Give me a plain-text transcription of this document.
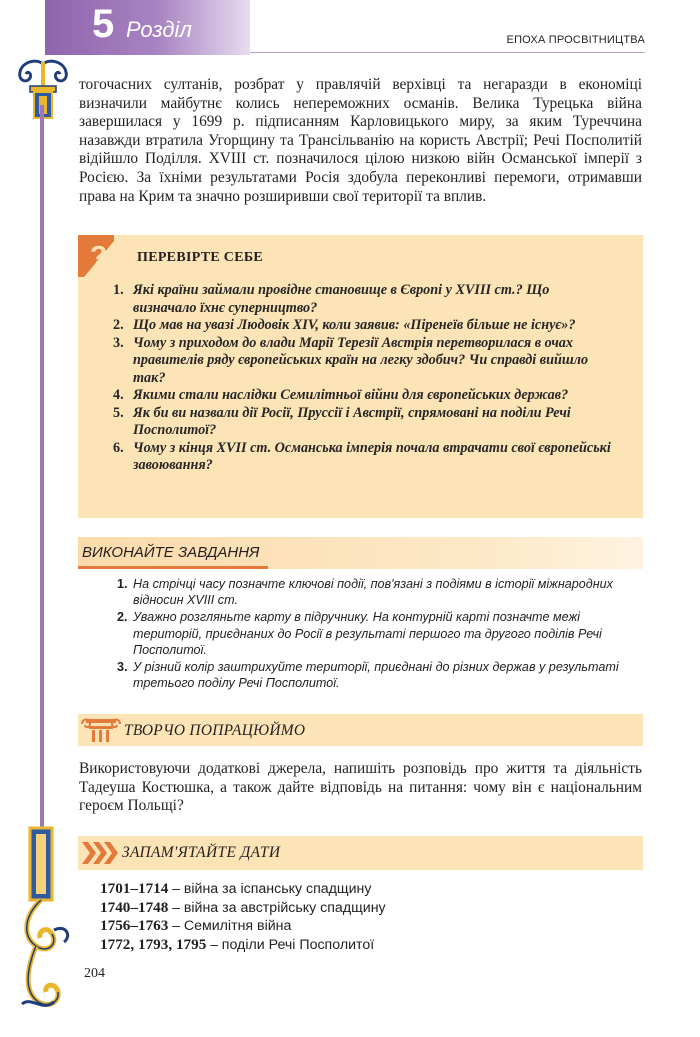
5 Розділ	ЕПОХА ПРОСВІТНИЦТВА

тогочасних султанів, розбрат у правлячій верхівці та негаразди в економіці визначили майбутнє колись непереможних османів. Велика Турецька війна завершилася у 1699 р. підписанням Карловицького миру, за яким Туреччина назавжди втратила Угорщину та Трансільванію на користь Австрії; Речі Посполитій відійшло Поділля. XVIII ст. позначилося цілою низкою війн Османської імперії з Росією. За їхніми результатами Росія здобула переконливі перемоги, отримавши права на Крим та значно розширивши свої території та вплив.

? ПЕРЕВІРТЕ СЕБЕ
1. Які країни займали провідне становище в Європі у XVIII ст.? Що визначало їхнє суперництво?
2. Що мав на увазі Людовік XIV, коли заявив: «Піренеїв більше не існує»?
3. Чому з приходом до влади Марії Терезії Австрія перетворилася в очах правителів ряду європейських країн на легку здобич? Чи справді вийшло так?
4. Якими стали наслідки Семилітньої війни для європейських держав?
5. Як би ви назвали дії Росії, Пруссії і Австрії, спрямовані на поділи Речі Посполитої?
6. Чому з кінця XVII ст. Османська імперія почала втрачати свої європейські завоювання?
ВИКОНАЙТЕ ЗАВДАННЯ
1. На стрічці часу позначте ключові події, пов'язані з подіями в історії міжнародних відносин XVIII ст.
2. Уважно розгляньте карту в підручнику. На контурній карті позначте межі територій, приєднаних до Росії в результаті першого та другого поділів Речі Посполитої.
3. У різний колір заштрихуйте території, приєднані до різних держав у результаті третього поділу Речі Посполитої.
ТВОРЧО ПОПРАЦЮЙМО

Використовуючи додаткові джерела, напишіть розповідь про життя та діяльність Тадеуша Костюшка, а також дайте відповідь на питання: чому він є національним героєм Польщі?

ЗАПАМ'ЯТАЙТЕ ДАТИ
1701–1714 – війна за іспанську спадщину
1740–1748 – війна за австрійську спадщину
1756–1763 – Семилітня війна
1772, 1793, 1795 – поділи Речі Посполитої
204
